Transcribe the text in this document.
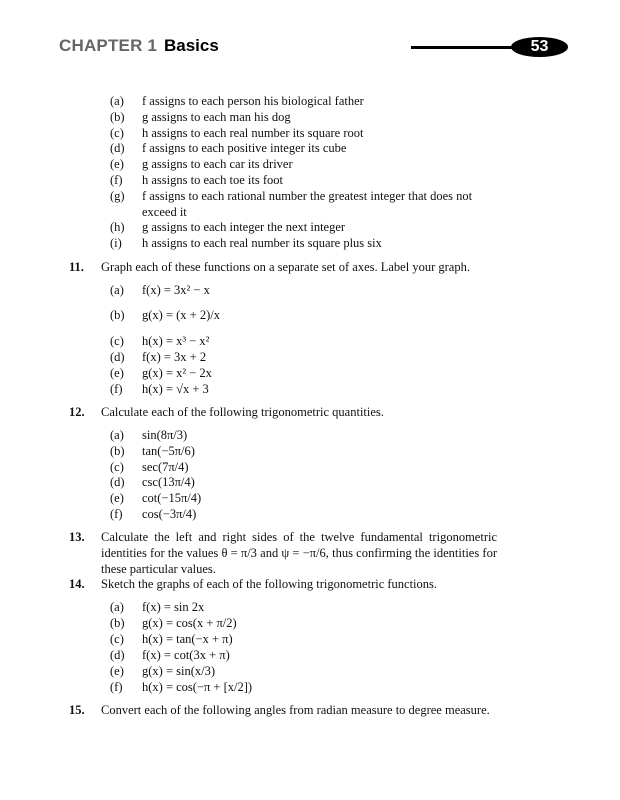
CHAPTER 1 Basics	53
(a) f assigns to each person his biological father
(b) g assigns to each man his dog
(c) h assigns to each real number its square root
(d) f assigns to each positive integer its cube
(e) g assigns to each car its driver
(f) h assigns to each toe its foot
(g) f assigns to each rational number the greatest integer that does not exceed it
(h) g assigns to each integer the next integer
(i) h assigns to each real number its square plus six
11. Graph each of these functions on a separate set of axes. Label your graph.
(a) f(x) = 3x² − x
(b) g(x) = (x + 2)/x
(c) h(x) = x³ − x²
(d) f(x) = 3x + 2
(e) g(x) = x² − 2x
(f) h(x) = √x + 3
12. Calculate each of the following trigonometric quantities.
(a) sin(8π/3)
(b) tan(−5π/6)
(c) sec(7π/4)
(d) csc(13π/4)
(e) cot(−15π/4)
(f) cos(−3π/4)
13. Calculate the left and right sides of the twelve fundamental trigonometric identities for the values θ = π/3 and ψ = −π/6, thus confirming the identities for these particular values.
14. Sketch the graphs of each of the following trigonometric functions.
(a) f(x) = sin 2x
(b) g(x) = cos(x + π/2)
(c) h(x) = tan(−x + π)
(d) f(x) = cot(3x + π)
(e) g(x) = sin(x/3)
(f) h(x) = cos(−π + [x/2])
15. Convert each of the following angles from radian measure to degree measure.
